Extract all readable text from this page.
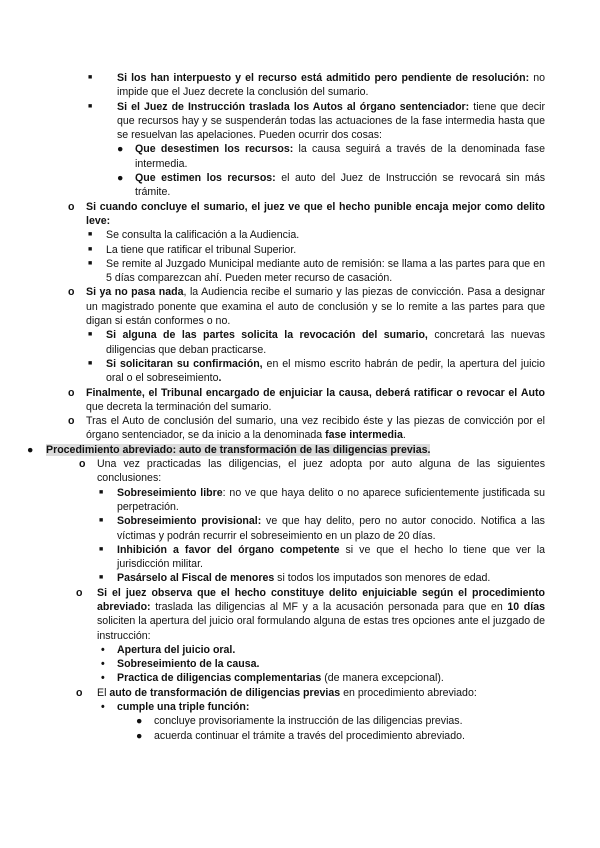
■ Si los han interpuesto y el recurso está admitido pero pendiente de resolución: no impide que el Juez decrete la conclusión del sumario.
■ Si el Juez de Instrucción traslada los Autos al órgano sentenciador: tiene que decir que recursos hay y se suspenderán todas las actuaciones de la fase intermedia hasta que se resuelvan las apelaciones. Pueden ocurrir dos cosas:
● Que desestimen los recursos: la causa seguirá a través de la denominada fase intermedia.
● Que estimen los recursos: el auto del Juez de Instrucción se revocará sin más trámite.
o Si cuando concluye el sumario, el juez ve que el hecho punible encaja mejor como delito leve:
■ Se consulta la calificación a la Audiencia.
■ La tiene que ratificar el tribunal Superior.
■ Se remite al Juzgado Municipal mediante auto de remisión: se llama a las partes para que en 5 días comparezcan ahí. Pueden meter recurso de casación.
o Si ya no pasa nada, la Audiencia recibe el sumario y las piezas de convicción. Pasa a designar un magistrado ponente que examina el auto de conclusión y se lo remite a las partes para que digan si están conformes o no.
■ Si alguna de las partes solicita la revocación del sumario, concretará las nuevas diligencias que deban practicarse.
■ Si solicitaran su confirmación, en el mismo escrito habrán de pedir, la apertura del juicio oral o el sobreseimiento.
o Finalmente, el Tribunal encargado de enjuiciar la causa, deberá ratificar o revocar el Auto que decreta la terminación del sumario.
o Tras el Auto de conclusión del sumario, una vez recibido éste y las piezas de convicción por el órgano sentenciador, se da inicio a la denominada fase intermedia.
● Procedimiento abreviado: auto de transformación de las diligencias previas.
o Una vez practicadas las diligencias, el juez adopta por auto alguna de las siguientes conclusiones:
■ Sobreseimiento libre: no ve que haya delito o no aparece suficientemente justificada su perpetración.
■ Sobreseimiento provisional: ve que hay delito, pero no autor conocido. Notifica a las víctimas y podrán recurrir el sobreseimiento en un plazo de 20 días.
■ Inhibición a favor del órgano competente si ve que el hecho lo tiene que ver la jurisdicción militar.
■ Pasárselo al Fiscal de menores si todos los imputados son menores de edad.
o Si el juez observa que el hecho constituye delito enjuiciable según el procedimiento abreviado: traslada las diligencias al MF y a la acusación personada para que en 10 días soliciten la apertura del juicio oral formulando alguna de estas tres opciones ante el juzgado de instrucción:
• Apertura del juicio oral.
• Sobreseimiento de la causa.
• Practica de diligencias complementarias (de manera excepcional).
o El auto de transformación de diligencias previas en procedimiento abreviado:
• cumple una triple función:
● concluye provisoriamente la instrucción de las diligencias previas.
● acuerda continuar el trámite a través del procedimiento abreviado.
